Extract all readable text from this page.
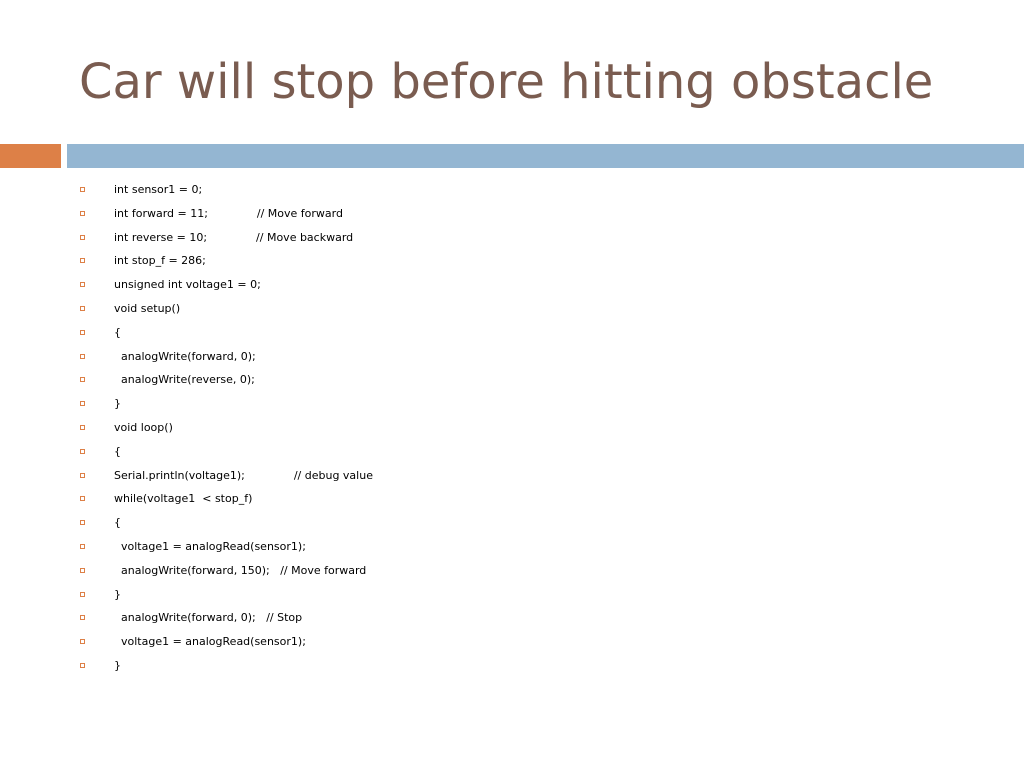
Car will stop before hitting obstacle
int sensor1 = 0;
int forward = 11;              // Move forward
int reverse = 10;              // Move backward
int stop_f = 286;
unsigned int voltage1 = 0;
void setup()
{
analogWrite(forward, 0);
analogWrite(reverse, 0);
}
void loop()
{
Serial.println(voltage1);              // debug value
while(voltage1  < stop_f)
{
voltage1 = analogRead(sensor1);
analogWrite(forward, 150);   // Move forward
}
analogWrite(forward, 0);   // Stop
voltage1 = analogRead(sensor1);
}
